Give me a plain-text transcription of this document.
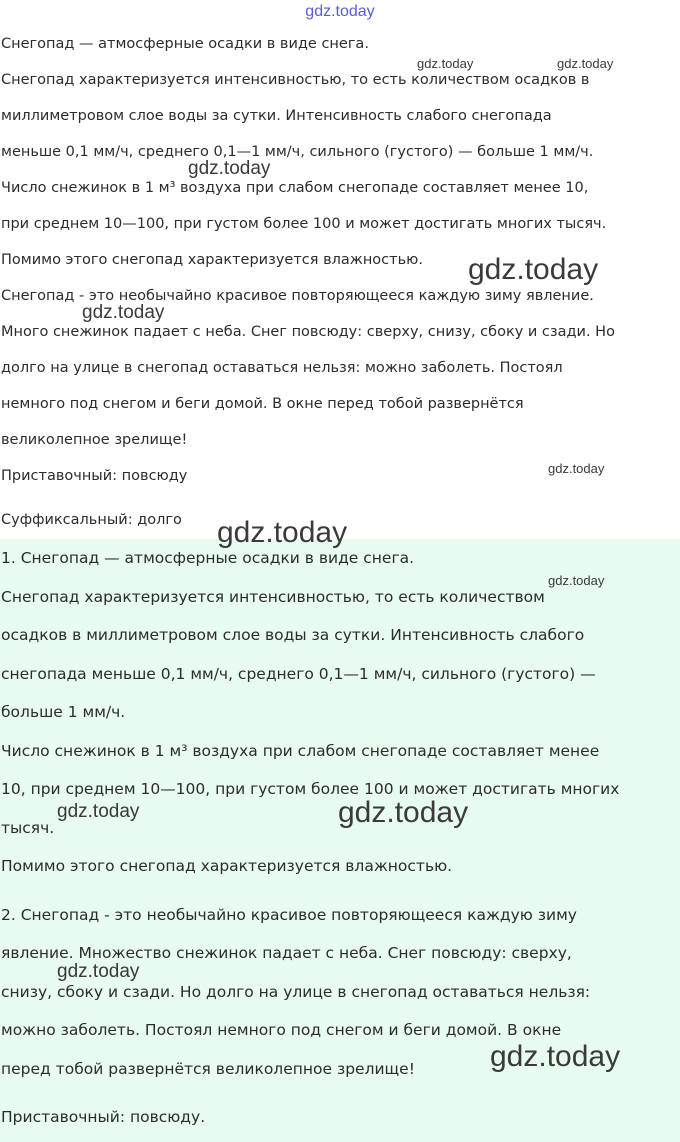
gdz.today

Снегопад — атмосферные осадки в виде снега.

Снегопад характеризуется интенсивностью, то есть количеством осадков в

миллиметровом слое воды за сутки. Интенсивность слабого снегопада

меньше 0,1 мм/ч, среднего 0,1—1 мм/ч, сильного (густого) — больше 1 мм/ч.

Число снежинок в 1 м³ воздуха при слабом снегопаде составляет менее 10,

при среднем 10—100, при густом более 100 и может достигать многих тысяч.

Помимо этого снегопад характеризуется влажностью.

Снегопад - это необычайно красивое повторяющееся каждую зиму явление.

Много снежинок падает с неба. Снег повсюду: сверху, снизу, сбоку и сзади. Но

долго на улице в снегопад оставаться нельзя: можно заболеть. Постоял

немного под снегом и беги домой. В окне перед тобой развернётся

великолепное зрелище!

Приставочный: повсюду

Суффиксальный: долго

1. Снегопад — атмосферные осадки в виде снега.

Снегопад характеризуется интенсивностью, то есть количеством

осадков в миллиметровом слое воды за сутки. Интенсивность слабого

снегопада меньше 0,1 мм/ч, среднего 0,1—1 мм/ч, сильного (густого) —

больше 1 мм/ч.

Число снежинок в 1 м³ воздуха при слабом снегопаде составляет менее

10, при среднем 10—100, при густом более 100 и может достигать многих

тысяч.

Помимо этого снегопад характеризуется влажностью.

2. Снегопад - это необычайно красивое повторяющееся каждую зиму

явление. Множество снежинок падает с неба. Снег повсюду: сверху,

снизу, сбоку и сзади. Но долго на улице в снегопад оставаться нельзя:

можно заболеть. Постоял немного под снегом и беги домой. В окне

перед тобой развернётся великолепное зрелище!

Приставочный: повсюду.

gdz.today	gdz.today
gdz.today
gdz.today
gdz.today
gdz.today
gdz.today
gdz.today
gdz.today	gdz.today
gdz.today
gdz.today
